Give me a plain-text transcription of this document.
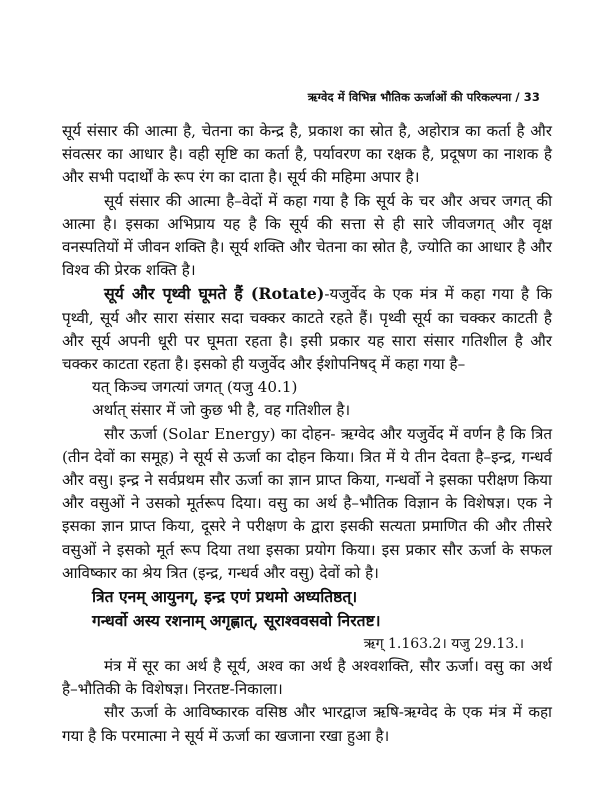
ऋग्वेद में विभिन्न भौतिक ऊर्जाओं की परिकल्पना / 33

सूर्य संसार की आत्मा है, चेतना का केन्द्र है, प्रकाश का स्रोत है, अहोरात्र का कर्ता है और संवत्सर का आधार है। वही सृष्टि का कर्ता है, पर्यावरण का रक्षक है, प्रदूषण का नाशक है और सभी पदार्थों के रूप रंग का दाता है। सूर्य की महिमा अपार है।

सूर्य संसार की आत्मा है–वेदों में कहा गया है कि सूर्य के चर और अचर जगत् की आत्मा है। इसका अभिप्राय यह है कि सूर्य की सत्ता से ही सारे जीवजगत् और वृक्ष वनस्पतियों में जीवन शक्ति है। सूर्य शक्ति और चेतना का स्रोत है, ज्योति का आधार है और विश्व की प्रेरक शक्ति है।

सूर्य और पृथ्वी घूमते हैं (Rotate)-यजुर्वेद के एक मंत्र में कहा गया है कि पृथ्वी, सूर्य और सारा संसार सदा चक्कर काटते रहते हैं। पृथ्वी सूर्य का चक्कर काटती है और सूर्य अपनी धूरी पर घूमता रहता है। इसी प्रकार यह सारा संसार गतिशील है और चक्कर काटता रहता है। इसको ही यजुर्वेद और ईशोपनिषद् में कहा गया है–

यत् किञ्च जगत्यां जगत् (यजु 40.1)

अर्थात् संसार में जो कुछ भी है, वह गतिशील है।

सौर ऊर्जा (Solar Energy) का दोहन- ऋग्वेद और यजुर्वेद में वर्णन है कि त्रित (तीन देवों का समूह) ने सूर्य से ऊर्जा का दोहन किया। त्रित में ये तीन देवता है–इन्द्र, गन्धर्व और वसु। इन्द्र ने सर्वप्रथम सौर ऊर्जा का ज्ञान प्राप्त किया, गन्धर्वो ने इसका परीक्षण किया और वसुओं ने उसको मूर्तरूप दिया। वसु का अर्थ है–भौतिक विज्ञान के विशेषज्ञ। एक ने इसका ज्ञान प्राप्त किया, दूसरे ने परीक्षण के द्वारा इसकी सत्यता प्रमाणित की और तीसरे वसुओं ने इसको मूर्त रूप दिया तथा इसका प्रयोग किया। इस प्रकार सौर ऊर्जा के सफल आविष्कार का श्रेय त्रित (इन्द्र, गन्धर्व और वसु) देवों को है।

त्रित एनम् आयुनग्, इन्द्र एणं प्रथमो अध्यतिष्ठत्।

गन्धर्वो अस्य रशनाम् अगृह्णात्, सूराश्ववसवो निरतष्ट।

ऋग् 1.163.2। यजु 29.13.।

मंत्र में सूर का अर्थ है सूर्य, अश्व का अर्थ है अश्वशक्ति, सौर ऊर्जा। वसु का अर्थ है–भौतिकी के विशेषज्ञ। निरतष्ट-निकाला।

सौर ऊर्जा के आविष्कारक वसिष्ठ और भारद्वाज ऋषि-ऋग्वेद के एक मंत्र में कहा गया है कि परमात्मा ने सूर्य में ऊर्जा का खजाना रखा हुआ है।
